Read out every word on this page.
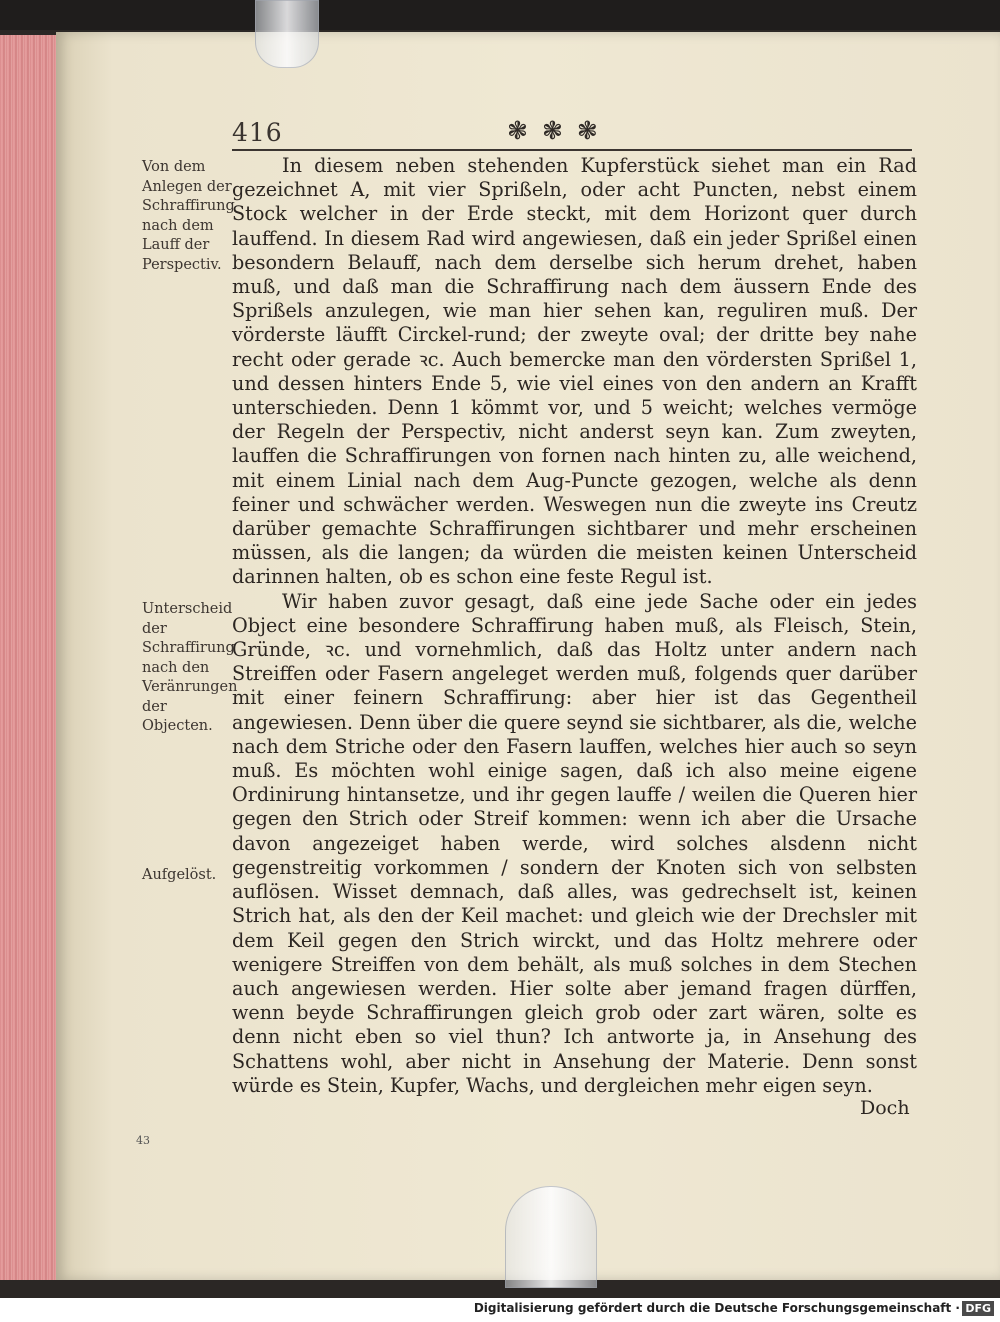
416	❃❃❃
Von dem Anlegen der Schraffirung nach dem Lauff der Perspectiv.
Unterscheid der Schraffirung nach den Veränrungen der Objecten.
Aufgelöst.

In diesem neben stehenden Kupferstück siehet man ein Rad gezeichnet A, mit vier Sprißeln, oder acht Puncten, nebst einem Stock welcher in der Erde steckt, mit dem Horizont quer durch lauffend. In diesem Rad wird angewiesen, daß ein jeder Sprißel einen besondern Belauff, nach dem derselbe sich herum drehet, haben muß, und daß man die Schraffirung nach dem äussern Ende des Sprißels anzulegen, wie man hier sehen kan, reguliren muß. Der vörderste läufft Circkel-rund; der zweyte oval; der dritte bey nahe recht oder gerade ꝛc. Auch bemercke man den vördersten Sprißel 1, und dessen hinters Ende 5, wie viel eines von den andern an Krafft unterschieden. Denn 1 kömmt vor, und 5 weicht; welches vermöge der Regeln der Perspectiv, nicht anderst seyn kan. Zum zweyten, lauffen die Schraffirungen von fornen nach hinten zu, alle weichend, mit einem Linial nach dem Aug-Puncte gezogen, welche als denn feiner und schwächer werden. Weswegen nun die zweyte ins Creutz darüber gemachte Schraffirungen sichtbarer und mehr erscheinen müssen, als die langen; da würden die meisten keinen Unterscheid darinnen halten, ob es schon eine feste Regul ist.

Wir haben zuvor gesagt, daß eine jede Sache oder ein jedes Object eine besondere Schraffirung haben muß, als Fleisch, Stein, Gründe, ꝛc. und vornehmlich, daß das Holtz unter andern nach Streiffen oder Fasern angeleget werden muß, folgends quer darüber mit einer feinern Schraffirung: aber hier ist das Gegentheil angewiesen. Denn über die quere seynd sie sichtbarer, als die, welche nach dem Striche oder den Fasern lauffen, welches hier auch so seyn muß. Es möchten wohl einige sagen, daß ich also meine eigene Ordinirung hintansetze, und ihr gegen lauffe / weilen die Queren hier gegen den Strich oder Streif kommen: wenn ich aber die Ursache davon angezeiget haben werde, wird solches alsdenn nicht gegenstreitig vorkommen / sondern der Knoten sich von selbsten auflösen. Wisset demnach, daß alles, was gedrechselt ist, keinen Strich hat, als den der Keil machet: und gleich wie der Drechsler mit dem Keil gegen den Strich wirckt, und das Holtz mehrere oder wenigere Streiffen von dem behält, als muß solches in dem Stechen auch angewiesen werden. Hier solte aber jemand fragen dürffen, wenn beyde Schraffirungen gleich grob oder zart wären, solte es denn nicht eben so viel thun? Ich antworte ja, in Ansehung des Schattens wohl, aber nicht in Ansehung der Materie. Denn sonst würde es Stein, Kupfer, Wachs, und dergleichen mehr eigen seyn.

Doch
43
Digitalisierung gefördert durch die Deutsche Forschungsgemeinschaft · DFG
